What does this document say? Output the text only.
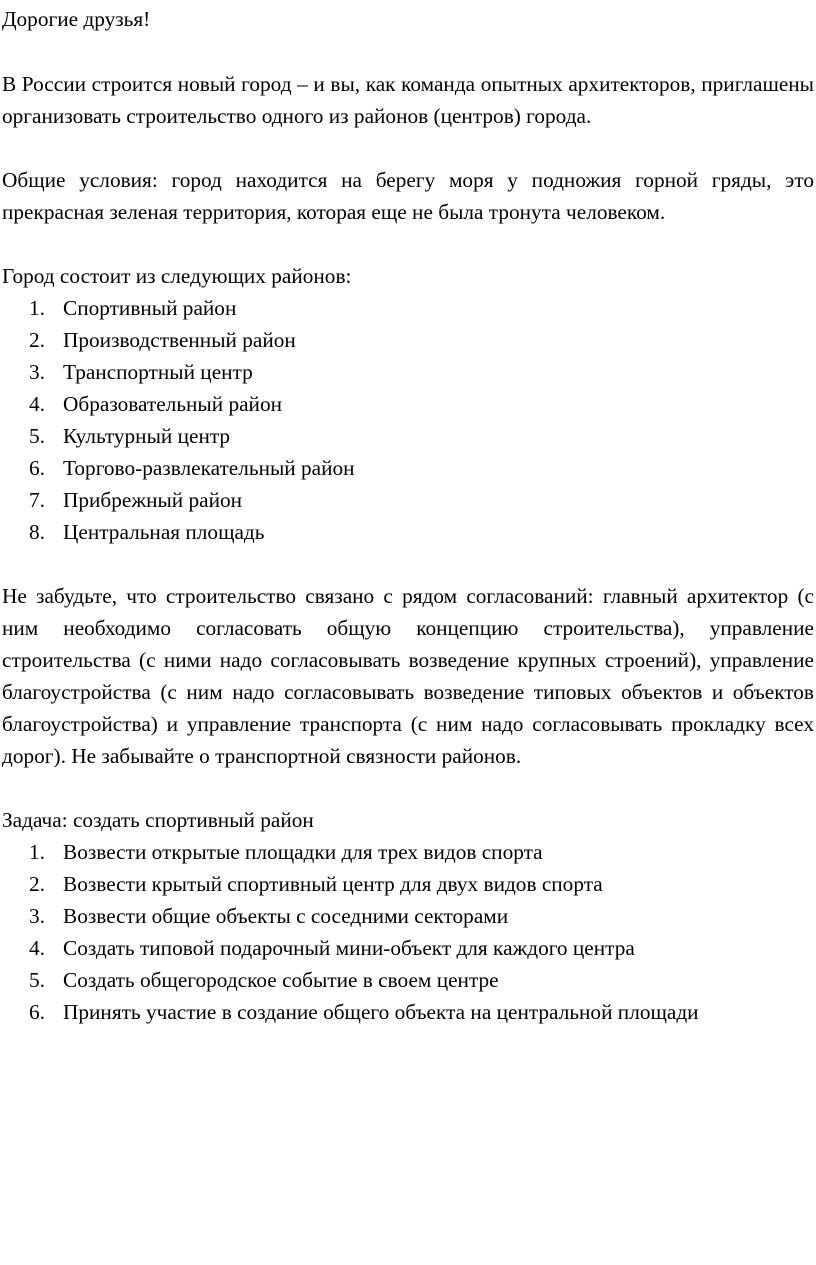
Дорогие друзья!

В России строится новый город – и вы, как команда опытных архитекторов, приглашены организовать строительство одного из районов (центров) города.

Общие условия: город находится на берегу моря у подножия горной гряды, это прекрасная зеленая территория, которая еще не была тронута человеком.

Город состоит из следующих районов:

1. Спортивный район
2. Производственный район
3. Транспортный центр
4. Образовательный район
5. Культурный центр
6. Торгово-развлекательный район
7. Прибрежный район
8. Центральная площадь

Не забудьте, что строительство связано с рядом согласований: главный архитектор (с ним необходимо согласовать общую концепцию строительства), управление строительства (с ними надо согласовывать возведение крупных строений), управление благоустройства (с ним надо согласовывать возведение типовых объектов и объектов благоустройства) и управление транспорта (с ним надо согласовывать прокладку всех дорог). Не забывайте о транспортной связности районов.

Задача: создать спортивный район

1. Возвести открытые площадки для трех видов спорта
2. Возвести крытый спортивный центр для двух видов спорта
3. Возвести общие объекты с соседними секторами
4. Создать типовой подарочный мини-объект для каждого центра
5. Создать общегородское событие в своем центре
6. Принять участие в создание общего объекта на центральной площади
